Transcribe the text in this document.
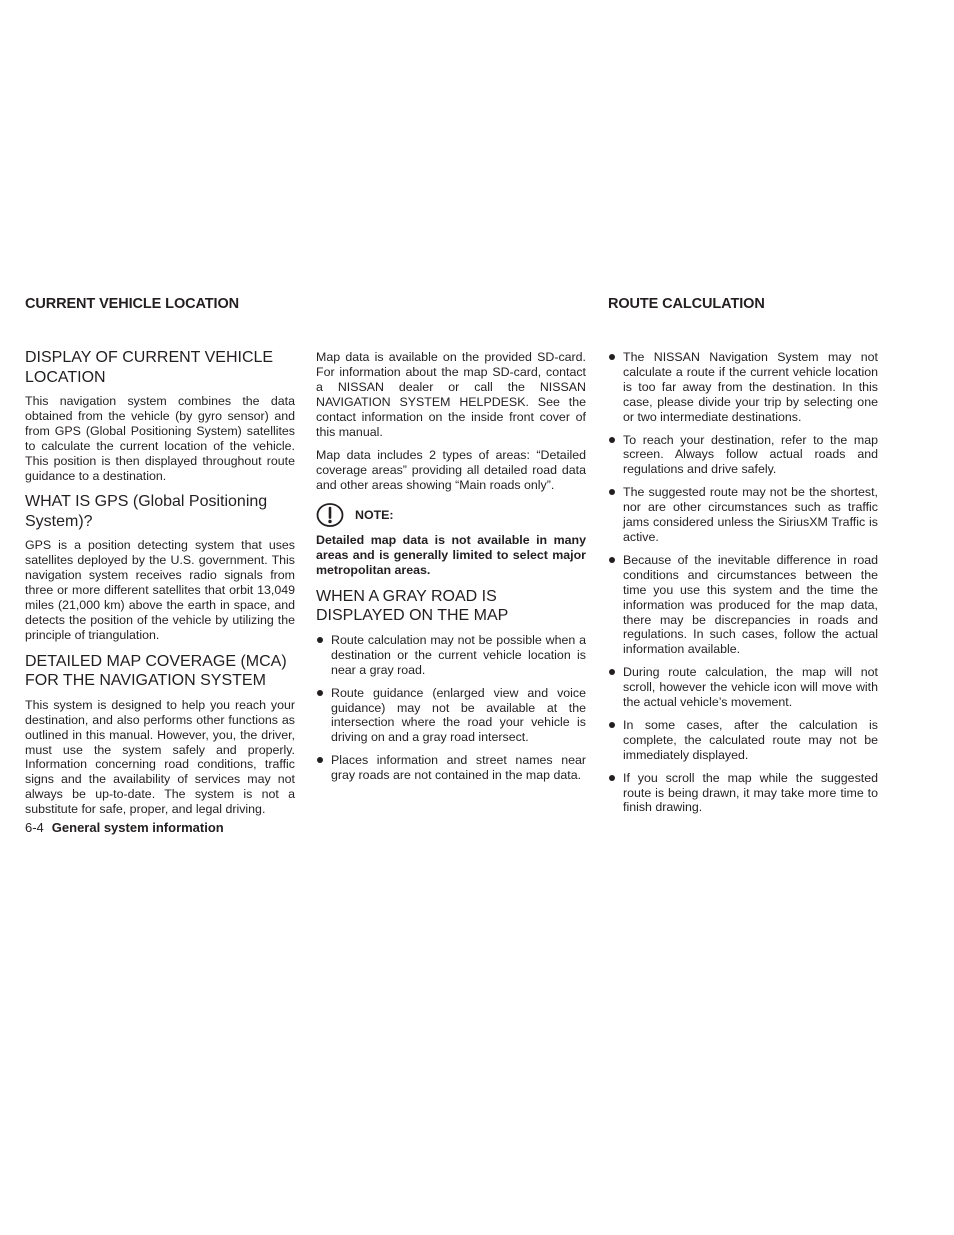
CURRENT VEHICLE LOCATION	ROUTE CALCULATION
DISPLAY OF CURRENT VEHICLE LOCATION

This navigation system combines the data obtained from the vehicle (by gyro sensor) and from GPS (Global Positioning System) satellites to calculate the current location of the vehicle. This position is then displayed throughout route guidance to a destination.

WHAT IS GPS (Global Positioning System)?

GPS is a position detecting system that uses satellites deployed by the U.S. government. This navigation system receives radio signals from three or more different satellites that orbit 13,049 miles (21,000 km) above the earth in space, and detects the position of the vehicle by utilizing the principle of triangulation.

DETAILED MAP COVERAGE (MCA) FOR THE NAVIGATION SYSTEM

This system is designed to help you reach your destination, and also performs other functions as outlined in this manual. However, you, the driver, must use the system safely and properly. Information concerning road conditions, traffic signs and the availability of services may not always be up-to-date. The system is not a substitute for safe, proper, and legal driving.

Map data is available on the provided SD-card. For information about the map SD-card, contact a NISSAN dealer or call the NISSAN NAVIGATION SYSTEM HELPDESK. See the contact information on the inside front cover of this manual.

Map data includes 2 types of areas: “Detailed coverage areas” providing all detailed road data and other areas showing “Main roads only”.

NOTE:

Detailed map data is not available in many areas and is generally limited to select major metropolitan areas.

WHEN A GRAY ROAD IS DISPLAYED ON THE MAP
Route calculation may not be possible when a destination or the current vehicle location is near a gray road.
Route guidance (enlarged view and voice guidance) may not be available at the intersection where the road your vehicle is driving on and a gray road intersect.
Places information and street names near gray roads are not contained in the map data.
The NISSAN Navigation System may not calculate a route if the current vehicle location is too far away from the destination. In this case, please divide your trip by selecting one or two intermediate destinations.
To reach your destination, refer to the map screen. Always follow actual roads and regulations and drive safely.
The suggested route may not be the shortest, nor are other circumstances such as traffic jams considered unless the SiriusXM Traffic is active.
Because of the inevitable difference in road conditions and circumstances between the time you use this system and the time the information was produced for the map data, there may be discrepancies in roads and regulations. In such cases, follow the actual information available.
During route calculation, the map will not scroll, however the vehicle icon will move with the actual vehicle’s movement.
In some cases, after the calculation is complete, the calculated route may not be immediately displayed.
If you scroll the map while the suggested route is being drawn, it may take more time to finish drawing.
6-4 General system information
